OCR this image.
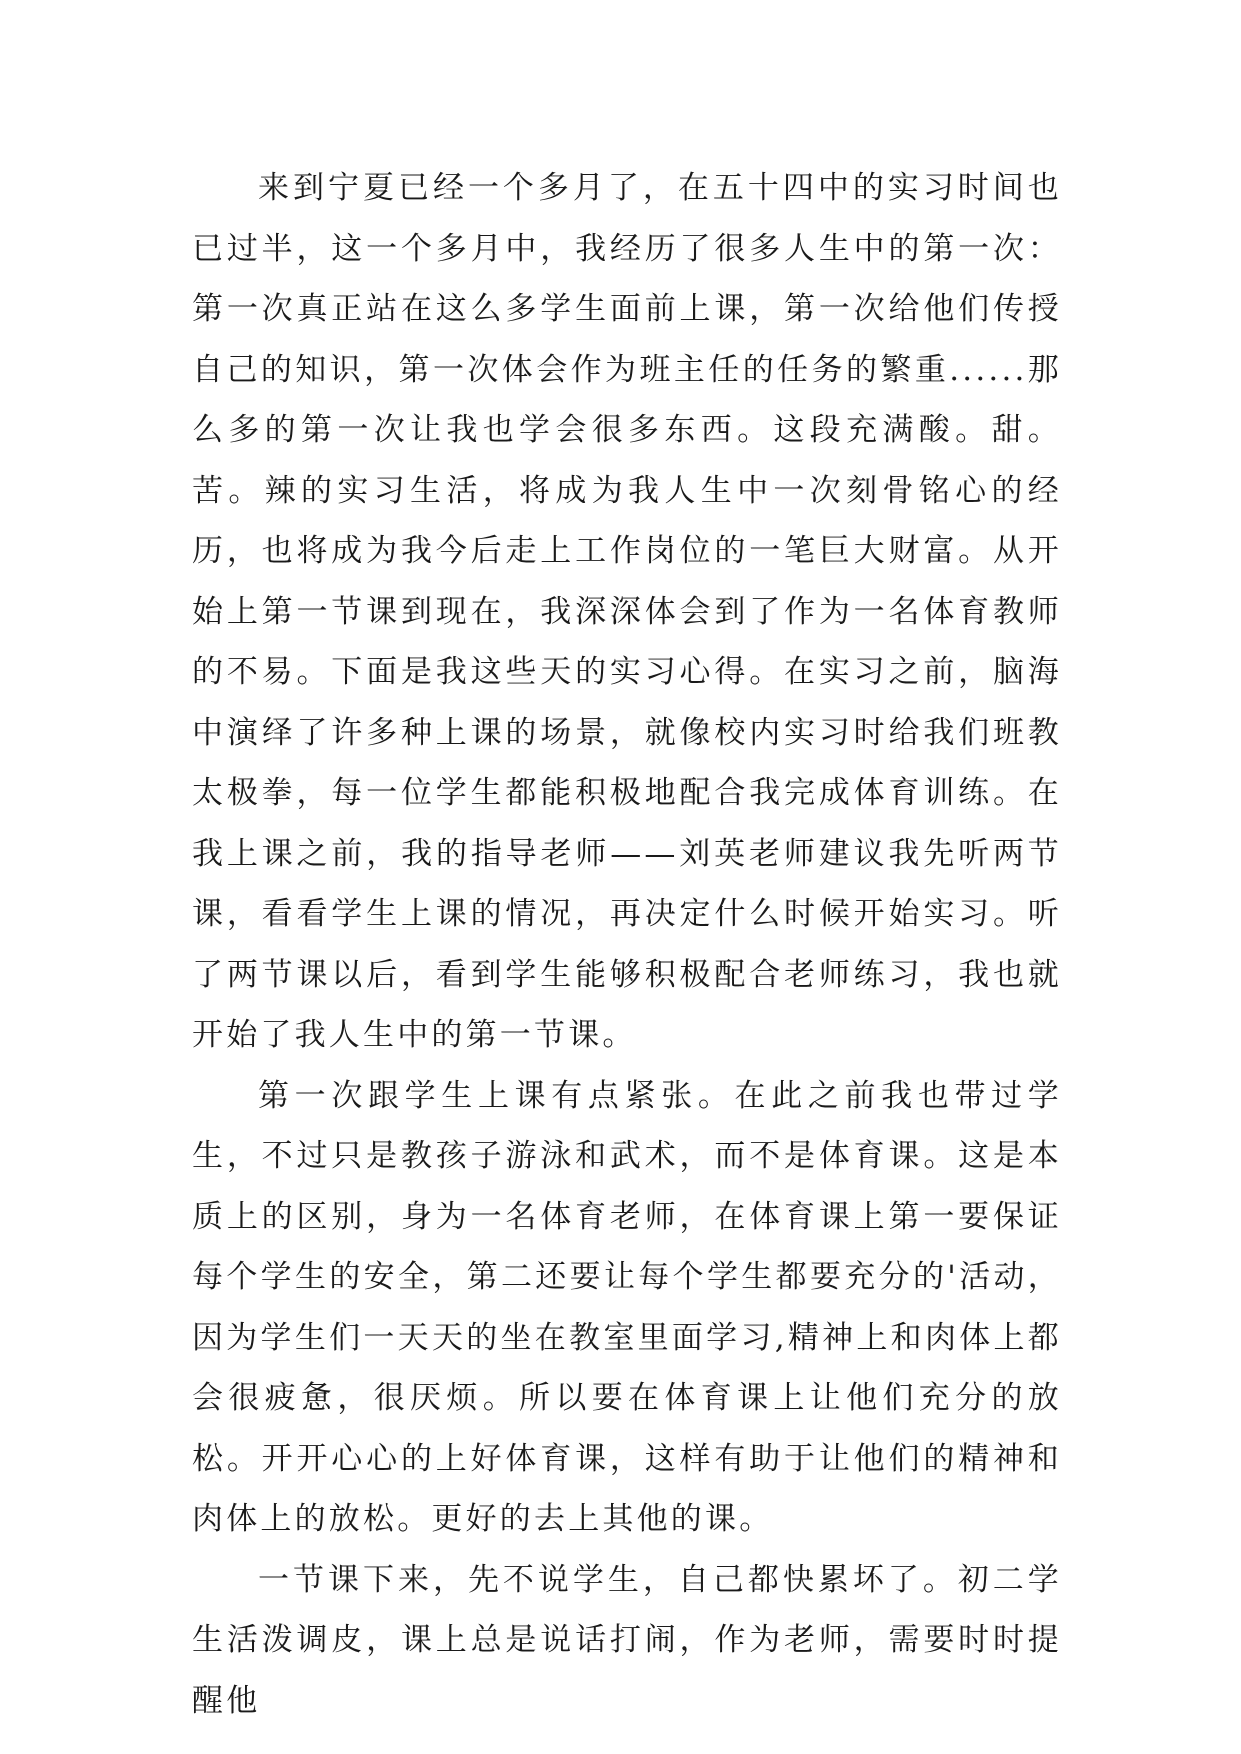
来到宁夏已经一个多月了，在五十四中的实习时间也已过半，这一个多月中，我经历了很多人生中的第一次：第一次真正站在这么多学生面前上课，第一次给他们传授自己的知识，第一次体会作为班主任的任务的繁重......那么多的第一次让我也学会很多东西。这段充满酸。甜。苦。辣的实习生活，将成为我人生中一次刻骨铭心的经历，也将成为我今后走上工作岗位的一笔巨大财富。从开始上第一节课到现在，我深深体会到了作为一名体育教师的不易。下面是我这些天的实习心得。在实习之前，脑海中演绎了许多种上课的场景，就像校内实习时给我们班教太极拳，每一位学生都能积极地配合我完成体育训练。在我上课之前，我的指导老师——刘英老师建议我先听两节课，看看学生上课的情况，再决定什么时候开始实习。听了两节课以后，看到学生能够积极配合老师练习，我也就开始了我人生中的第一节课。

第一次跟学生上课有点紧张。在此之前我也带过学生，不过只是教孩子游泳和武术，而不是体育课。这是本质上的区别，身为一名体育老师，在体育课上第一要保证每个学生的安全，第二还要让每个学生都要充分的'活动，因为学生们一天天的坐在教室里面学习,精神上和肉体上都会很疲惫，很厌烦。所以要在体育课上让他们充分的放松。开开心心的上好体育课，这样有助于让他们的精神和肉体上的放松。更好的去上其他的课。

一节课下来，先不说学生，自己都快累坏了。初二学生活泼调皮，课上总是说话打闹，作为老师，需要时时提醒他
